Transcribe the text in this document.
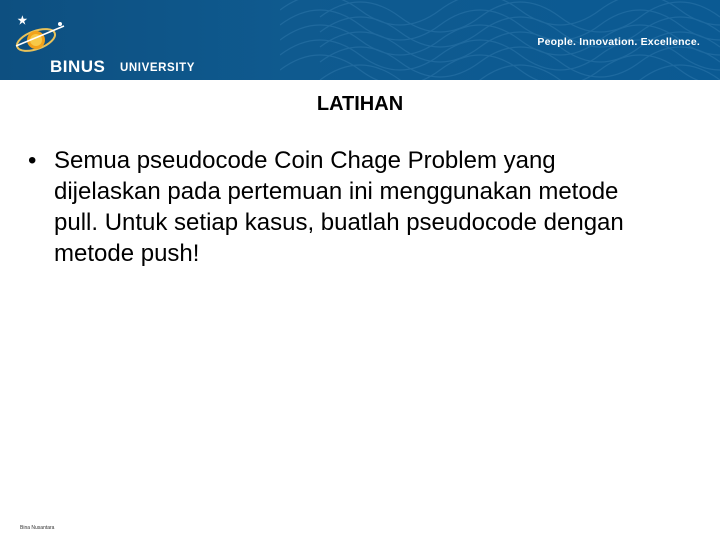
BINUS UNIVERSITY
People. Innovation. Excellence.
LATIHAN
• Semua pseudocode Coin Chage Problem yang dijelaskan pada pertemuan ini menggunakan metode pull. Untuk setiap kasus, buatlah pseudocode dengan metode push!
Bina Nusantara
